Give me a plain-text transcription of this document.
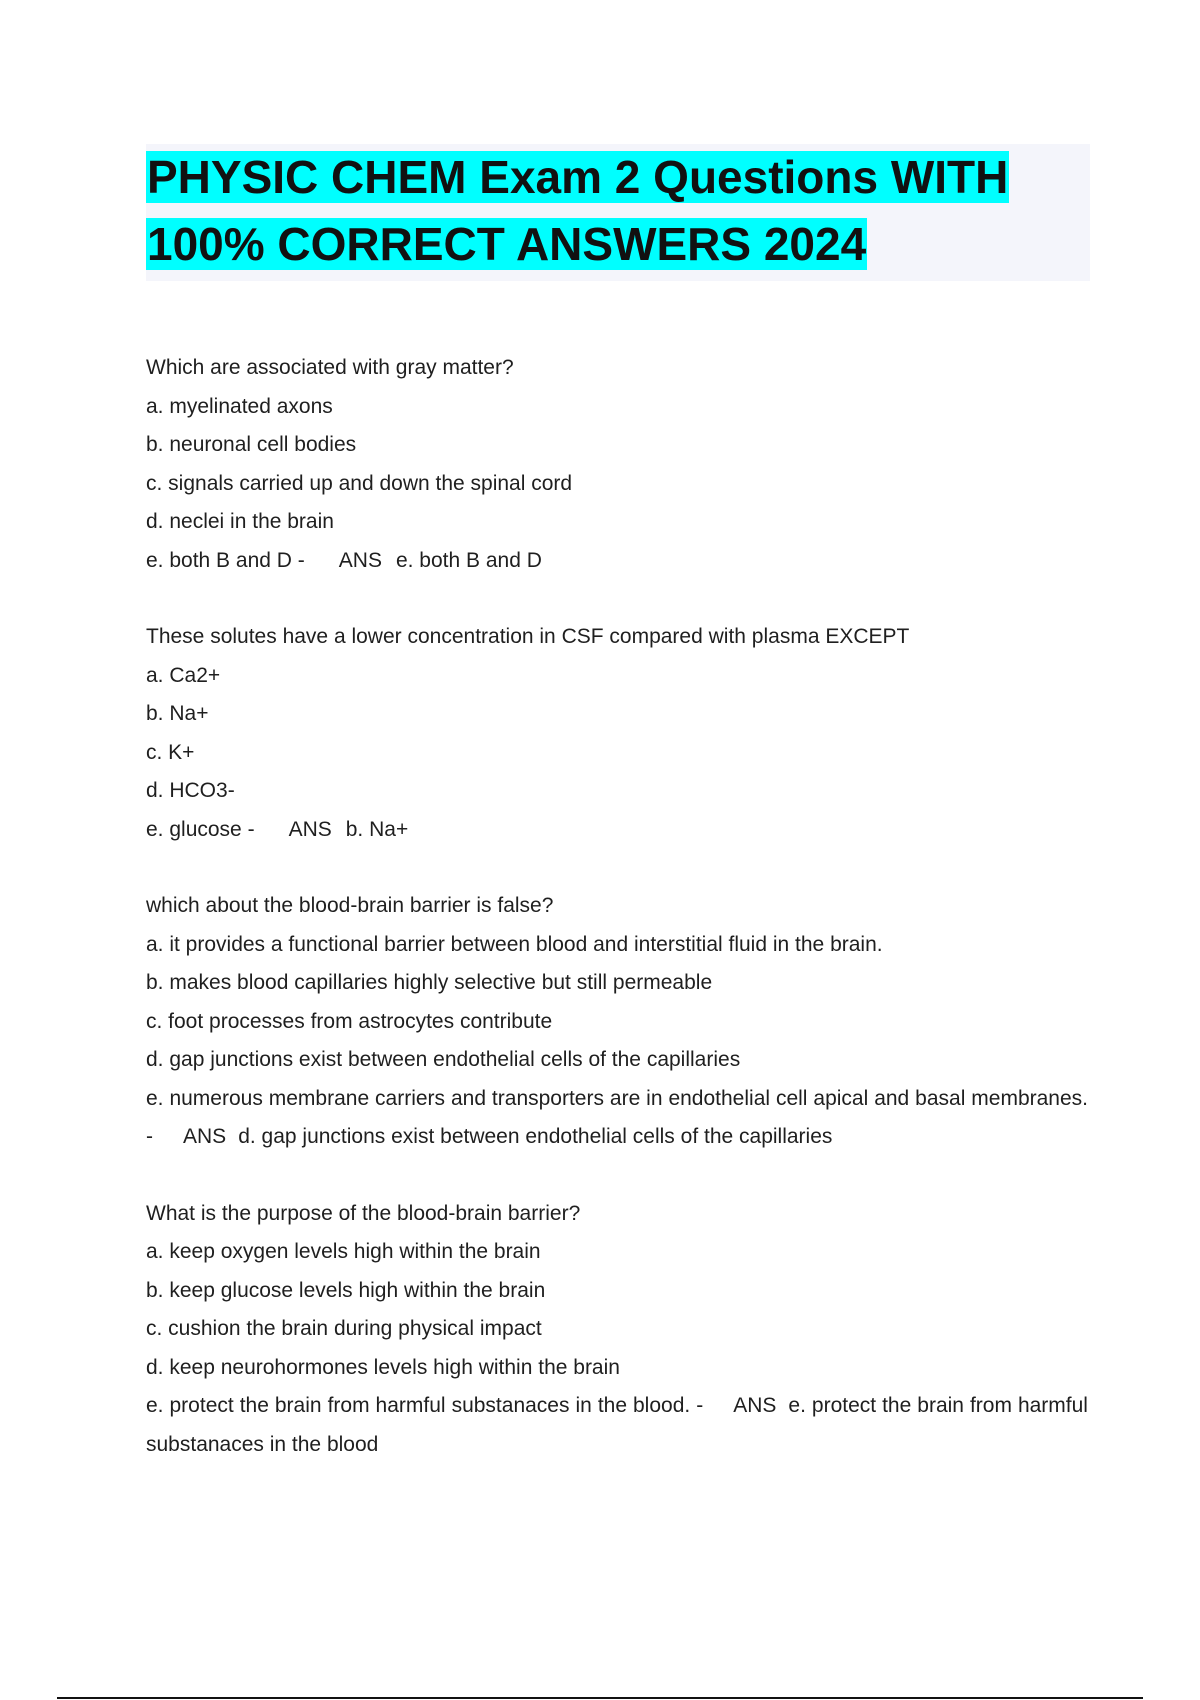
PHYSIC CHEM Exam 2 Questions WITH
100% CORRECT ANSWERS 2024

Which are associated with gray matter?

a. myelinated axons

b. neuronal cell bodies

c. signals carried up and down the spinal cord

d. neclei in the brain

e. both B and D - ANS e. both B and D

These solutes have a lower concentration in CSF compared with plasma EXCEPT

a. Ca2+

b. Na+

c. K+

d. HCO3-

e. glucose - ANS b. Na+

which about the blood-brain barrier is false?

a. it provides a functional barrier between blood and interstitial fluid in the brain.

b. makes blood capillaries highly selective but still permeable

c. foot processes from astrocytes contribute

d. gap junctions exist between endothelial cells of the capillaries

e. numerous membrane carriers and transporters are in endothelial cell apical and basal membranes. - ANS d. gap junctions exist between endothelial cells of the capillaries

What is the purpose of the blood-brain barrier?

a. keep oxygen levels high within the brain

b. keep glucose levels high within the brain

c. cushion the brain during physical impact

d. keep neurohormones levels high within the brain

e. protect the brain from harmful substanaces in the blood. - ANS e. protect the brain from harmful substanaces in the blood
